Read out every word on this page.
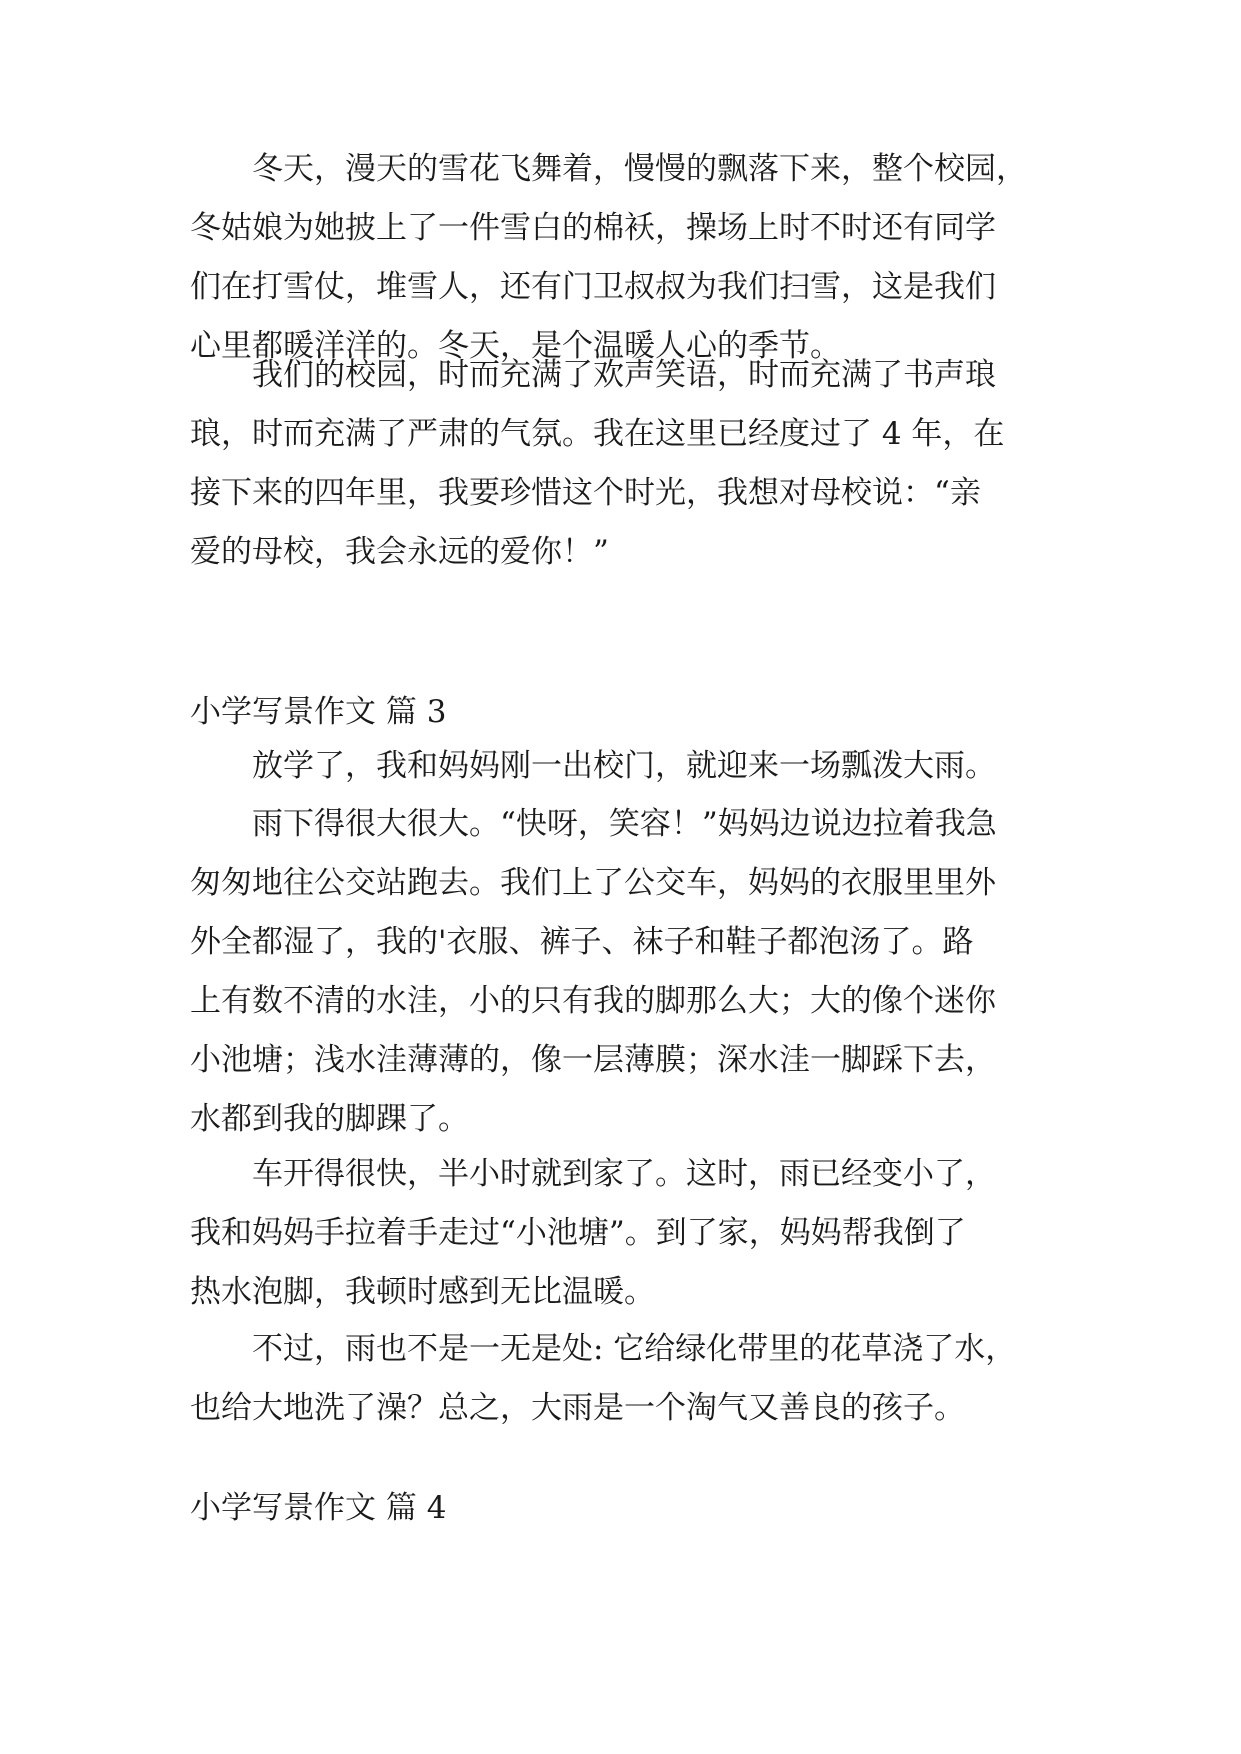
冬天，漫天的雪花飞舞着，慢慢的飘落下来，整个校园，
冬姑娘为她披上了一件雪白的棉袄，操场上时不时还有同学
们在打雪仗，堆雪人，还有门卫叔叔为我们扫雪，这是我们
心里都暖洋洋的。冬天，是个温暖人心的季节。
我们的校园，时而充满了欢声笑语，时而充满了书声琅
琅，时而充满了严肃的气氛。我在这里已经度过了 4 年，在
接下来的四年里，我要珍惜这个时光，我想对母校说：“亲
爱的母校，我会永远的爱你！”
小学写景作文 篇 3
放学了，我和妈妈刚一出校门，就迎来一场瓢泼大雨。
雨下得很大很大。“快呀，笑容！”妈妈边说边拉着我急
匆匆地往公交站跑去。我们上了公交车，妈妈的衣服里里外
外全都湿了，我的'衣服、裤子、袜子和鞋子都泡汤了。路
上有数不清的水洼，小的只有我的脚那么大；大的像个迷你
小池塘；浅水洼薄薄的，像一层薄膜；深水洼一脚踩下去，
水都到我的脚踝了。
车开得很快，半小时就到家了。这时，雨已经变小了，
我和妈妈手拉着手走过“小池塘”。到了家，妈妈帮我倒了
热水泡脚，我顿时感到无比温暖。
不过，雨也不是一无是处: 它给绿化带里的花草浇了水，
也给大地洗了澡？总之，大雨是一个淘气又善良的孩子。
小学写景作文 篇 4
